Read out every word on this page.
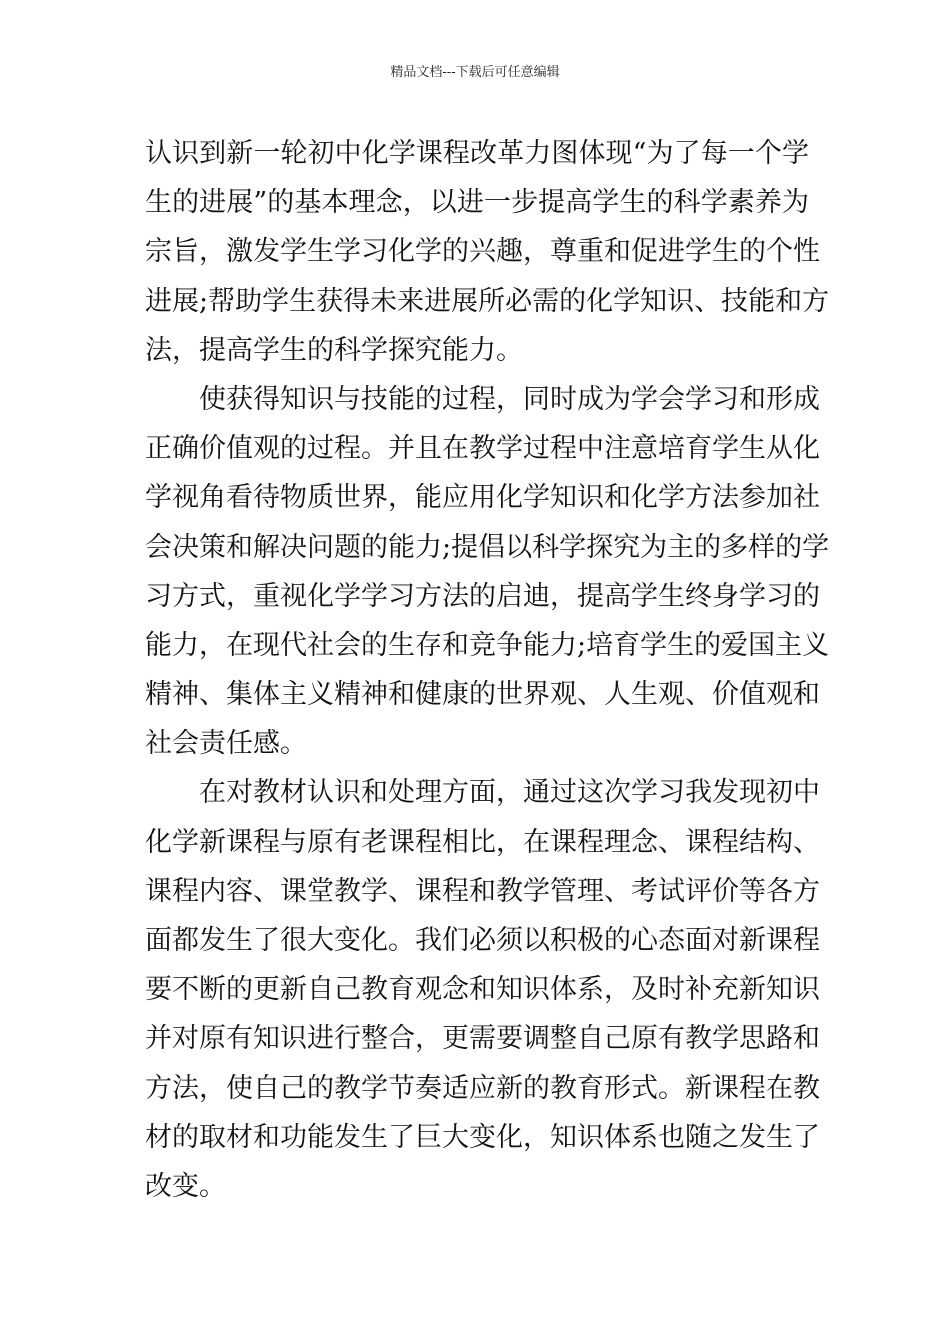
精品文档---下载后可任意编辑
认识到新一轮初中化学课程改革力图体现“为了每一个学
生的进展”的基本理念，以进一步提高学生的科学素养为
宗旨，激发学生学习化学的兴趣，尊重和促进学生的个性
进展;帮助学生获得未来进展所必需的化学知识、技能和方
法，提高学生的科学探究能力。
　　使获得知识与技能的过程，同时成为学会学习和形成
正确价值观的过程。并且在教学过程中注意培育学生从化
学视角看待物质世界，能应用化学知识和化学方法参加社
会决策和解决问题的能力;提倡以科学探究为主的多样的学
习方式，重视化学学习方法的启迪，提高学生终身学习的
能力，在现代社会的生存和竞争能力;培育学生的爱国主义
精神、集体主义精神和健康的世界观、人生观、价值观和
社会责任感。
　　在对教材认识和处理方面，通过这次学习我发现初中
化学新课程与原有老课程相比，在课程理念、课程结构、
课程内容、课堂教学、课程和教学管理、考试评价等各方
面都发生了很大变化。我们必须以积极的心态面对新课程
要不断的更新自己教育观念和知识体系，及时补充新知识
并对原有知识进行整合，更需要调整自己原有教学思路和
方法，使自己的教学节奏适应新的教育形式。新课程在教
材的取材和功能发生了巨大变化，知识体系也随之发生了
改变。
